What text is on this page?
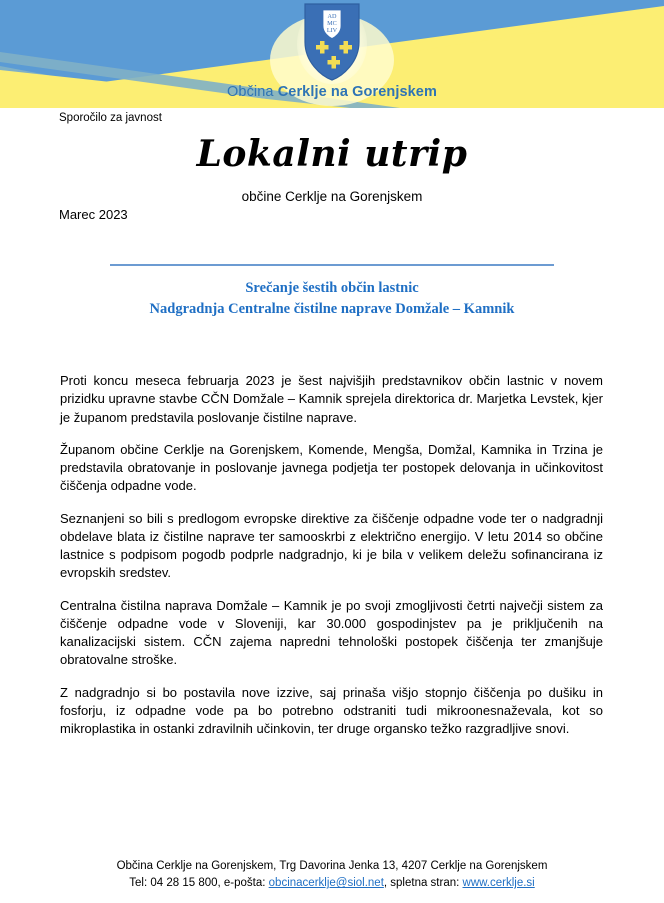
AD
MC
LIV
Občina Cerklje na Gorenjskem
Sporočilo za javnost
Lokalni utrip
občine Cerklje na Gorenjskem
Marec 2023
Srečanje šestih občin lastnic
Nadgradnja Centralne čistilne naprave Domžale – Kamnik

Proti koncu meseca februarja 2023 je šest najvišjih predstavnikov občin lastnic v novem prizidku upravne stavbe CČN Domžale – Kamnik sprejela direktorica dr. Marjetka Levstek, kjer je županom predstavila poslovanje čistilne naprave.

Županom občine Cerklje na Gorenjskem, Komende, Mengša, Domžal, Kamnika in Trzina je predstavila obratovanje in poslovanje javnega podjetja ter postopek delovanja in učinkovitost čiščenja odpadne vode.

Seznanjeni so bili s predlogom evropske direktive za čiščenje odpadne vode ter o nadgradnji obdelave blata iz čistilne naprave ter samooskrbi z električno energijo. V letu 2014 so občine lastnice s podpisom pogodb podprle nadgradnjo, ki je bila v velikem deležu sofinancirana iz evropskih sredstev.

Centralna čistilna naprava Domžale – Kamnik je po svoji zmogljivosti četrti največji sistem za čiščenje odpadne vode v Sloveniji, kar 30.000 gospodinjstev pa je priključenih na kanalizacijski sistem. CČN zajema napredni tehnološki postopek čiščenja ter zmanjšuje obratovalne stroške.

Z nadgradnjo si bo postavila nove izzive, saj prinaša višjo stopnjo čiščenja po dušiku in fosforju, iz odpadne vode pa bo potrebno odstraniti tudi mikroonesnaževala, kot so mikroplastika in ostanki zdravilnih učinkovin, ter druge organsko težko razgradljive snovi.

Občina Cerklje na Gorenjskem, Trg Davorina Jenka 13, 4207 Cerklje na Gorenjskem
Tel: 04 28 15 800, e-pošta: obcinacerklje@siol.net, spletna stran: www.cerklje.si
